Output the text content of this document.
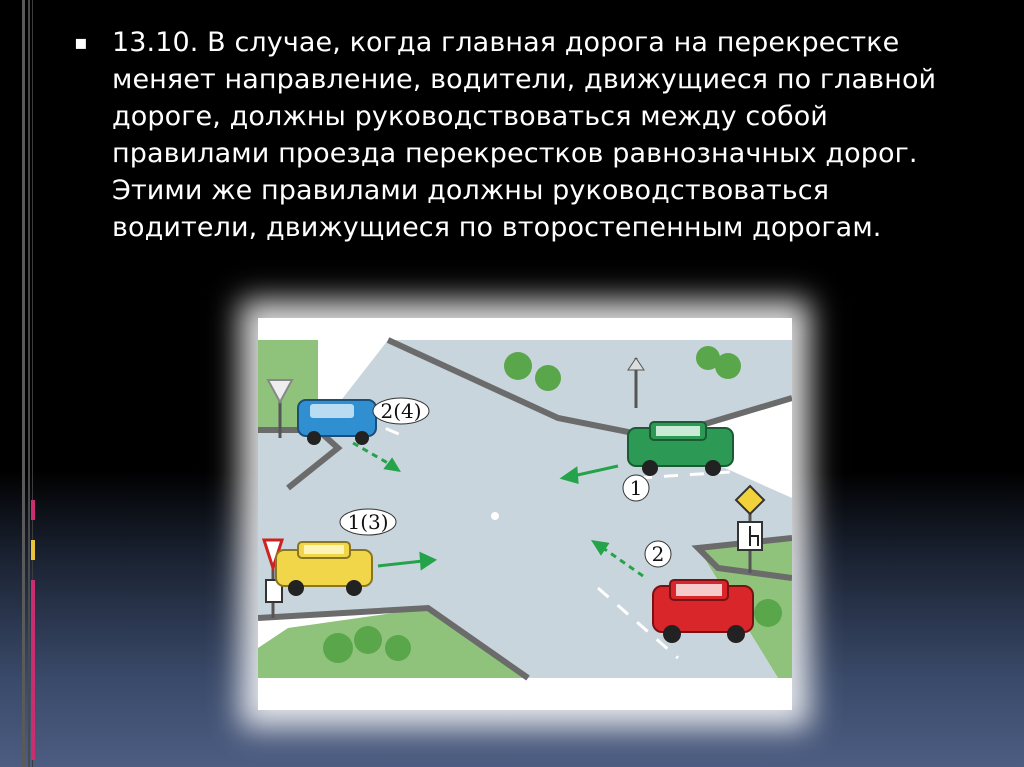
▪ 13.10. В случае, когда главная дорога на перекрестке меняет направление, водители, движущиеся по главной дороге, должны руководствоваться между собой правилами проезда перекрестков равнозначных дорог. Этими же правилами должны руководствоваться водители, движущиеся по второстепенным дорогам.

2(4)
1
1(3)
2
